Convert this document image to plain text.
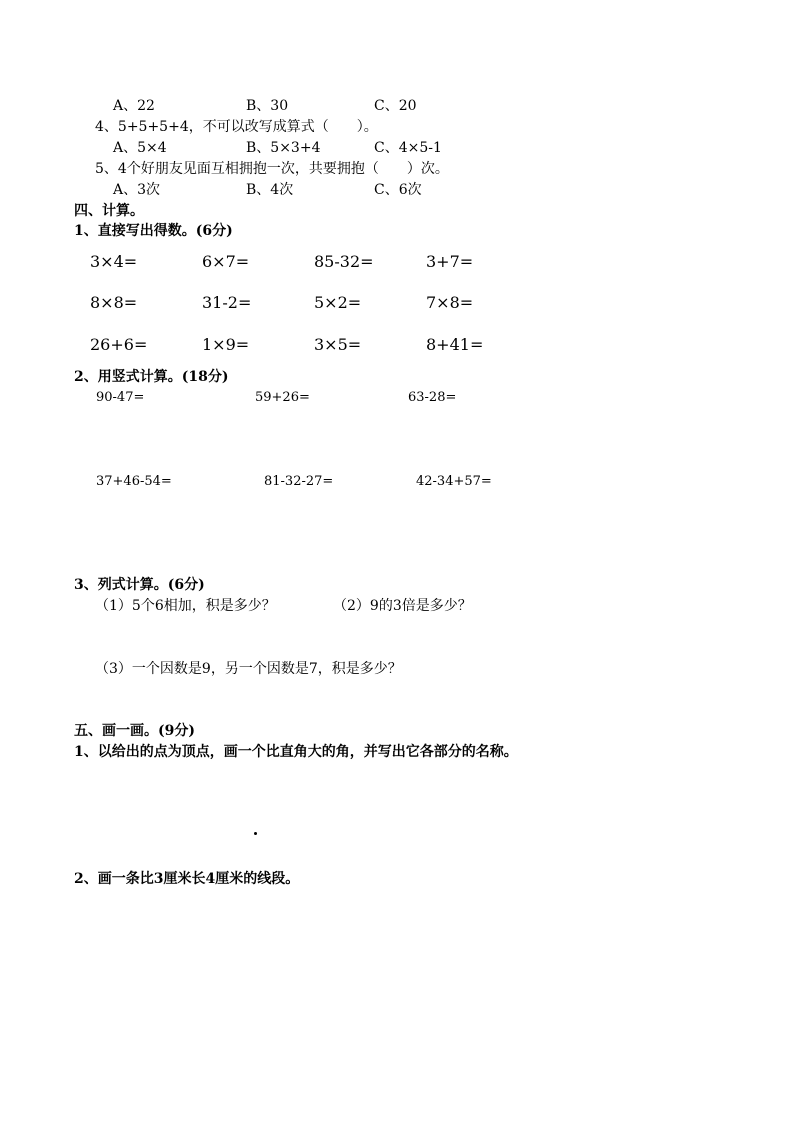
A、22	B、30	C、20
4、5+5+5+4，不可以改写成算式（　　）。
A、5×4	B、5×3+4	C、4×5-1
5、4个好朋友见面互相拥抱一次，共要拥抱（　　）次。
A、3次	B、4次	C、6次
四、计算。
1、直接写出得数。(6分)
3×4=	6×7=	85-32=	3+7=
8×8=	31-2=	5×2=	7×8=
26+6=	1×9=	3×5=	8+41=
2、用竖式计算。(18分)
90-47=	59+26=	63-28=
37+46-54=	81-32-27=	42-34+57=
3、列式计算。(6分)
（1）5个6相加，积是多少？	（2）9的3倍是多少？
（3）一个因数是9，另一个因数是7，积是多少？
五、画一画。(9分)
1、以给出的点为顶点，画一个比直角大的角，并写出它各部分的名称。
2、画一条比3厘米长4厘米的线段。
